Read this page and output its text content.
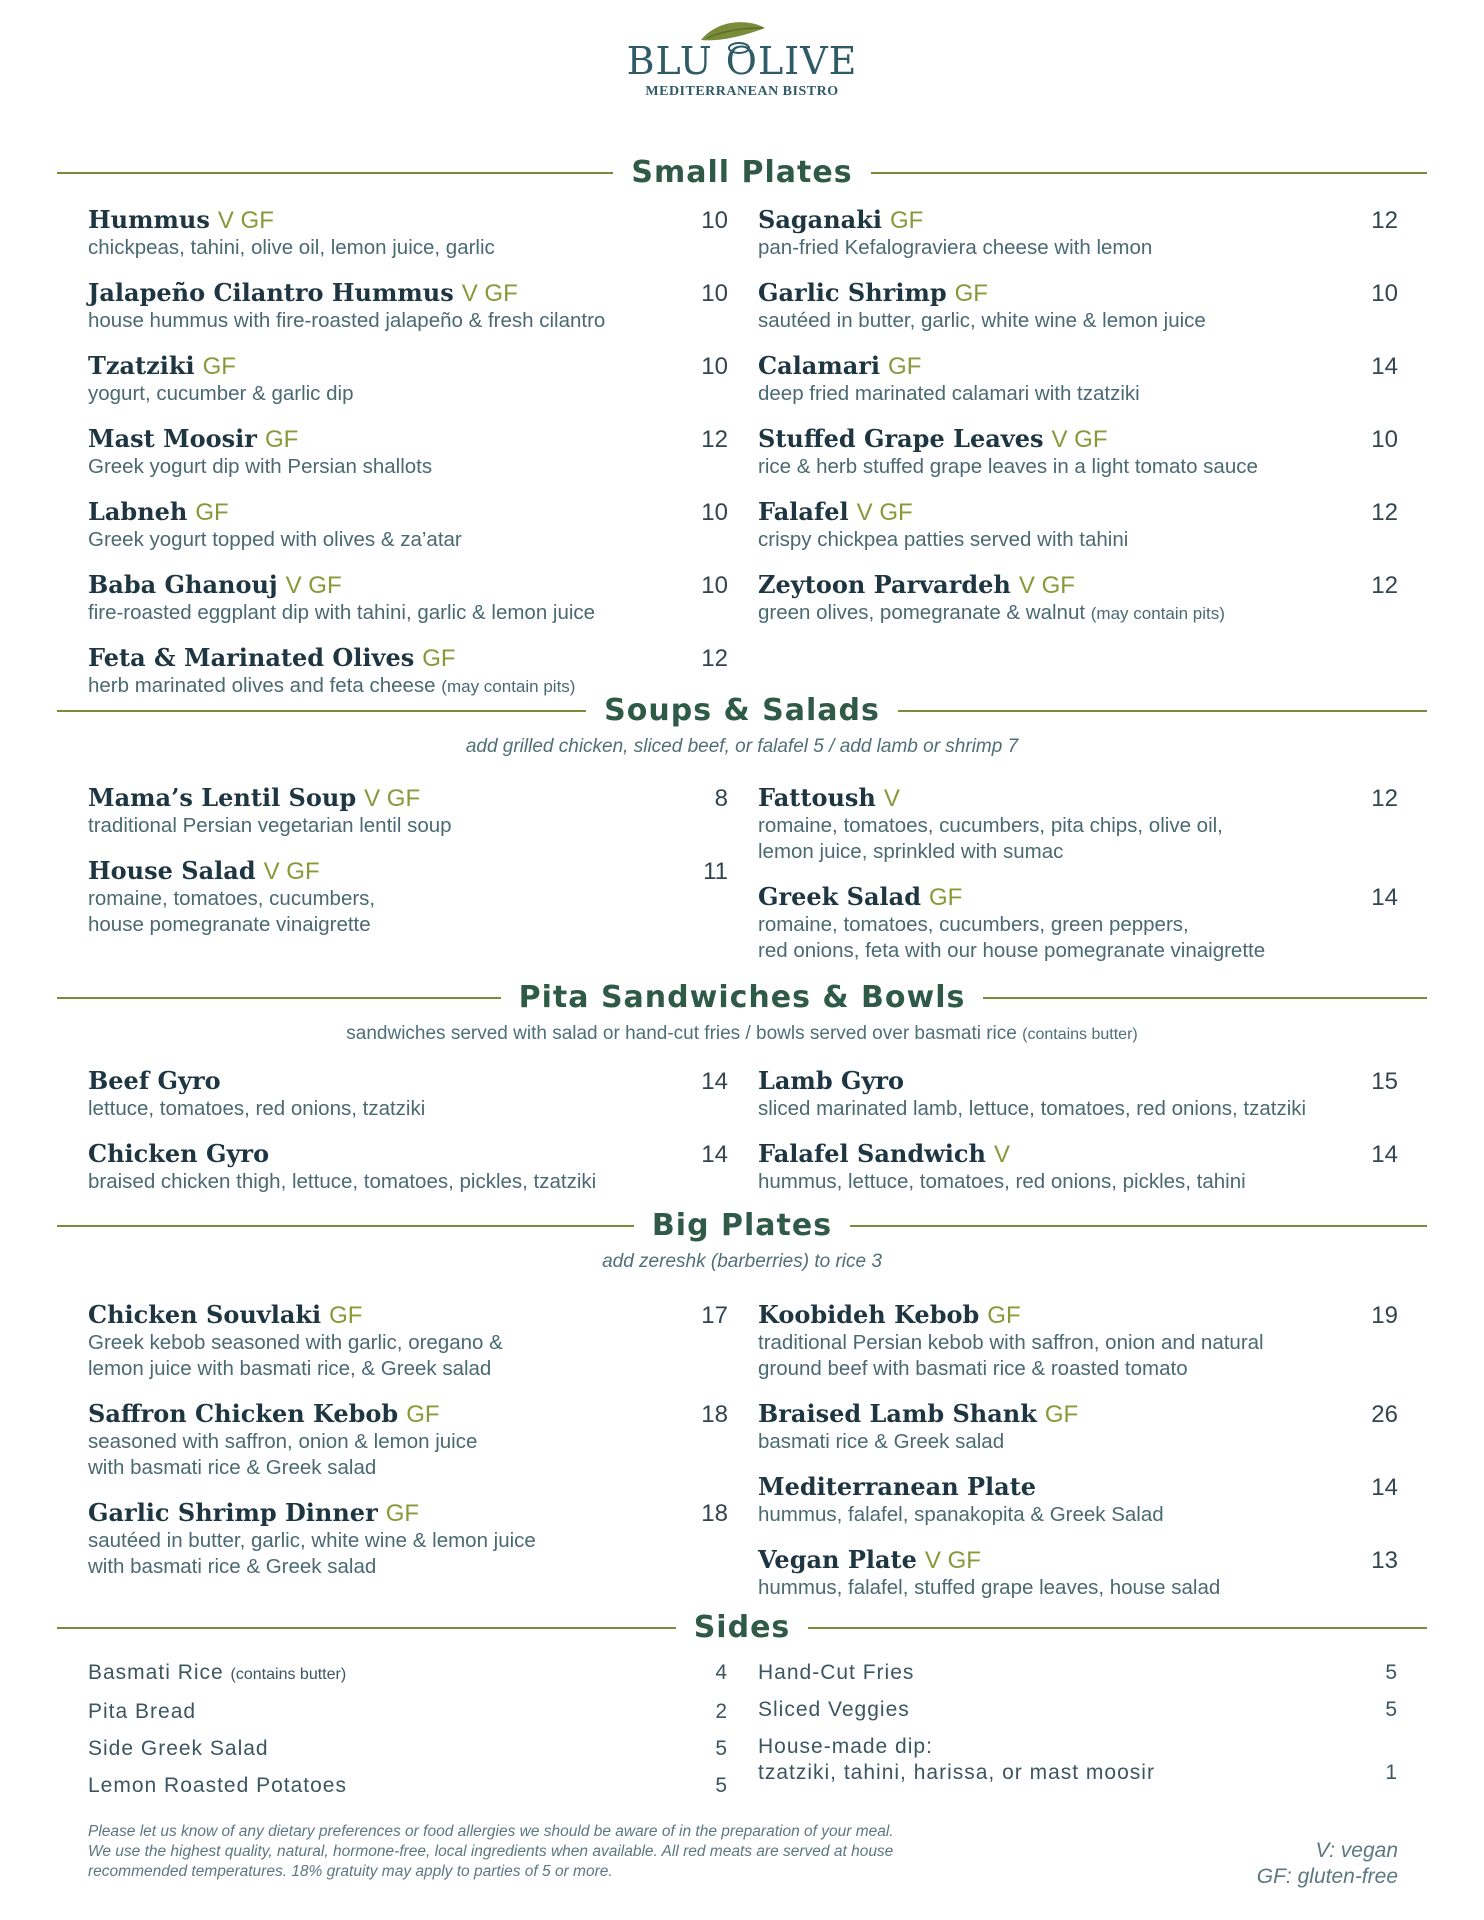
BLU OLIVE
MEDITERRANEAN BISTRO
Small Plates
Hummus V GF	10
chickpeas, tahini, olive oil, lemon juice, garlic
Jalapeño Cilantro Hummus V GF	10
house hummus with fire-roasted jalapeño & fresh cilantro
Tzatziki GF	10
yogurt, cucumber & garlic dip
Mast Moosir GF	12
Greek yogurt dip with Persian shallots
Labneh GF	10
Greek yogurt topped with olives & za’atar
Baba Ghanouj V GF	10
fire-roasted eggplant dip with tahini, garlic & lemon juice
Feta & Marinated Olives GF	12
herb marinated olives and feta cheese (may contain pits)
Saganaki GF	12
pan-fried Kefalograviera cheese with lemon
Garlic Shrimp GF	10
sautéed in butter, garlic, white wine & lemon juice
Calamari GF	14
deep fried marinated calamari with tzatziki
Stuffed Grape Leaves V GF	10
rice & herb stuffed grape leaves in a light tomato sauce
Falafel V GF	12
crispy chickpea patties served with tahini
Zeytoon Parvardeh V GF	12
green olives, pomegranate & walnut (may contain pits)
Soups & Salads
add grilled chicken, sliced beef, or falafel 5 / add lamb or shrimp 7
Mama’s Lentil Soup V GF	8
traditional Persian vegetarian lentil soup
House Salad V GF	11
romaine, tomatoes, cucumbers,
house pomegranate vinaigrette
Fattoush V	12
romaine, tomatoes, cucumbers, pita chips, olive oil,
lemon juice, sprinkled with sumac
Greek Salad GF	14
romaine, tomatoes, cucumbers, green peppers,
red onions, feta with our house pomegranate vinaigrette
Pita Sandwiches & Bowls
sandwiches served with salad or hand-cut fries / bowls served over basmati rice (contains butter)
Beef Gyro	14
lettuce, tomatoes, red onions, tzatziki
Chicken Gyro	14
braised chicken thigh, lettuce, tomatoes, pickles, tzatziki
Lamb Gyro	15
sliced marinated lamb, lettuce, tomatoes, red onions, tzatziki
Falafel Sandwich V	14
hummus, lettuce, tomatoes, red onions, pickles, tahini
Big Plates
add zereshk (barberries) to rice 3
Chicken Souvlaki GF	17
Greek kebob seasoned with garlic, oregano &
lemon juice with basmati rice, & Greek salad
Saffron Chicken Kebob GF	18
seasoned with saffron, onion & lemon juice
with basmati rice & Greek salad
Garlic Shrimp Dinner GF	18
sautéed in butter, garlic, white wine & lemon juice
with basmati rice & Greek salad
Koobideh Kebob GF	19
traditional Persian kebob with saffron, onion and natural
ground beef with basmati rice & roasted tomato
Braised Lamb Shank GF	26
basmati rice & Greek salad
Mediterranean Plate	14
hummus, falafel, spanakopita & Greek Salad
Vegan Plate V GF	13
hummus, falafel, stuffed grape leaves, house salad
Sides
Basmati Rice
(contains butter)	4
Pita Bread	2
Side Greek Salad	5
Lemon Roasted Potatoes	5
Hand-Cut Fries	5
Sliced Veggies	5
House-made dip:
tzatziki, tahini, harissa, or mast moosir	1
Please let us know of any dietary preferences or food allergies we should be aware of in the preparation of your meal.
We use the highest quality, natural, hormone-free, local ingredients when available. All red meats are served at house
recommended temperatures. 18% gratuity may apply to parties of 5 or more.
V: vegan
GF: gluten-free
